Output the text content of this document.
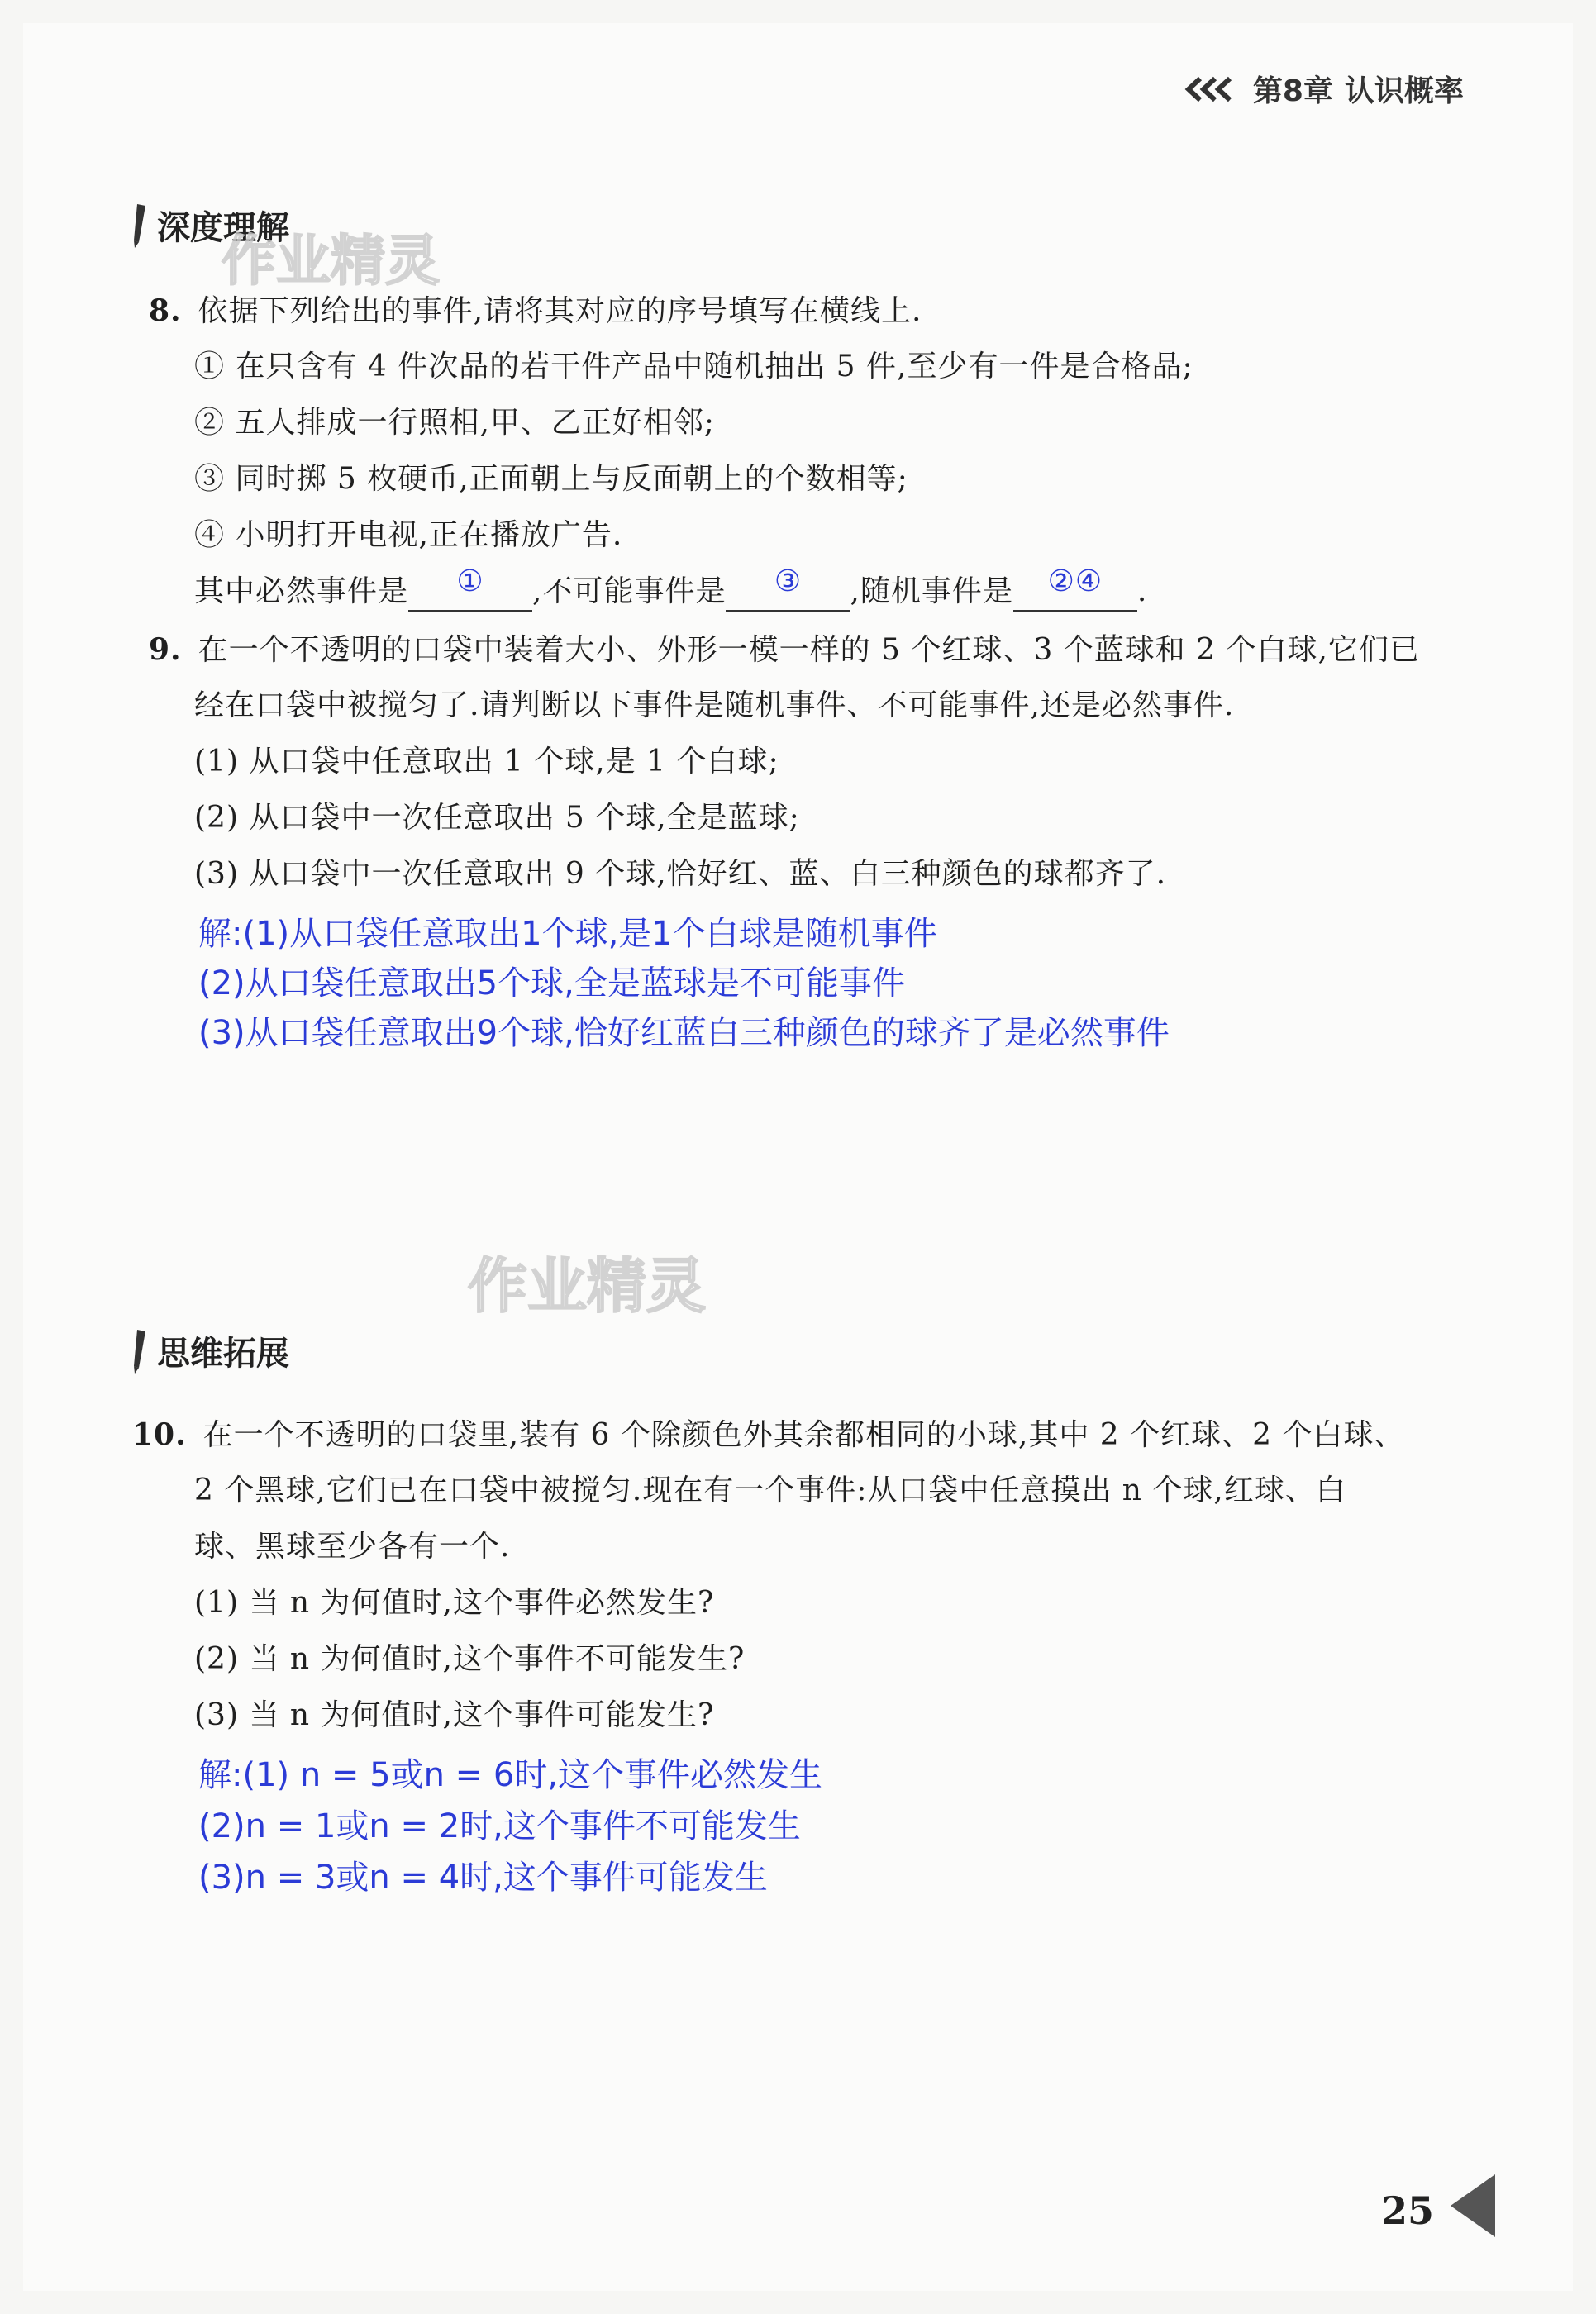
第8章 认识概率
深度理解
作业精灵
8. 依据下列给出的事件,请将其对应的序号填写在横线上.
① 在只含有 4 件次品的若干件产品中随机抽出 5 件,至少有一件是合格品;
② 五人排成一行照相,甲、乙正好相邻;
③ 同时掷 5 枚硬币,正面朝上与反面朝上的个数相等;
④ 小明打开电视,正在播放广告.
其中必然事件是 ① ,不可能事件是 ③ ,随机事件是 ②④ .
9. 在一个不透明的口袋中装着大小、外形一模一样的 5 个红球、3 个蓝球和 2 个白球,它们已
经在口袋中被搅匀了.请判断以下事件是随机事件、不可能事件,还是必然事件.
(1) 从口袋中任意取出 1 个球,是 1 个白球;
(2) 从口袋中一次任意取出 5 个球,全是蓝球;
(3) 从口袋中一次任意取出 9 个球,恰好红、蓝、白三种颜色的球都齐了.
解:(1)从口袋任意取出1个球,是1个白球是随机事件
(2)从口袋任意取出5个球,全是蓝球是不可能事件
(3)从口袋任意取出9个球,恰好红蓝白三种颜色的球齐了是必然事件
作业精灵
思维拓展
10. 在一个不透明的口袋里,装有 6 个除颜色外其余都相同的小球,其中 2 个红球、2 个白球、
2 个黑球,它们已在口袋中被搅匀.现在有一个事件:从口袋中任意摸出 n 个球,红球、白
球、黑球至少各有一个.
(1) 当 n 为何值时,这个事件必然发生?
(2) 当 n 为何值时,这个事件不可能发生?
(3) 当 n 为何值时,这个事件可能发生?
解:(1) n = 5或n = 6时,这个事件必然发生
(2)n = 1或n = 2时,这个事件不可能发生
(3)n = 3或n = 4时,这个事件可能发生
25
